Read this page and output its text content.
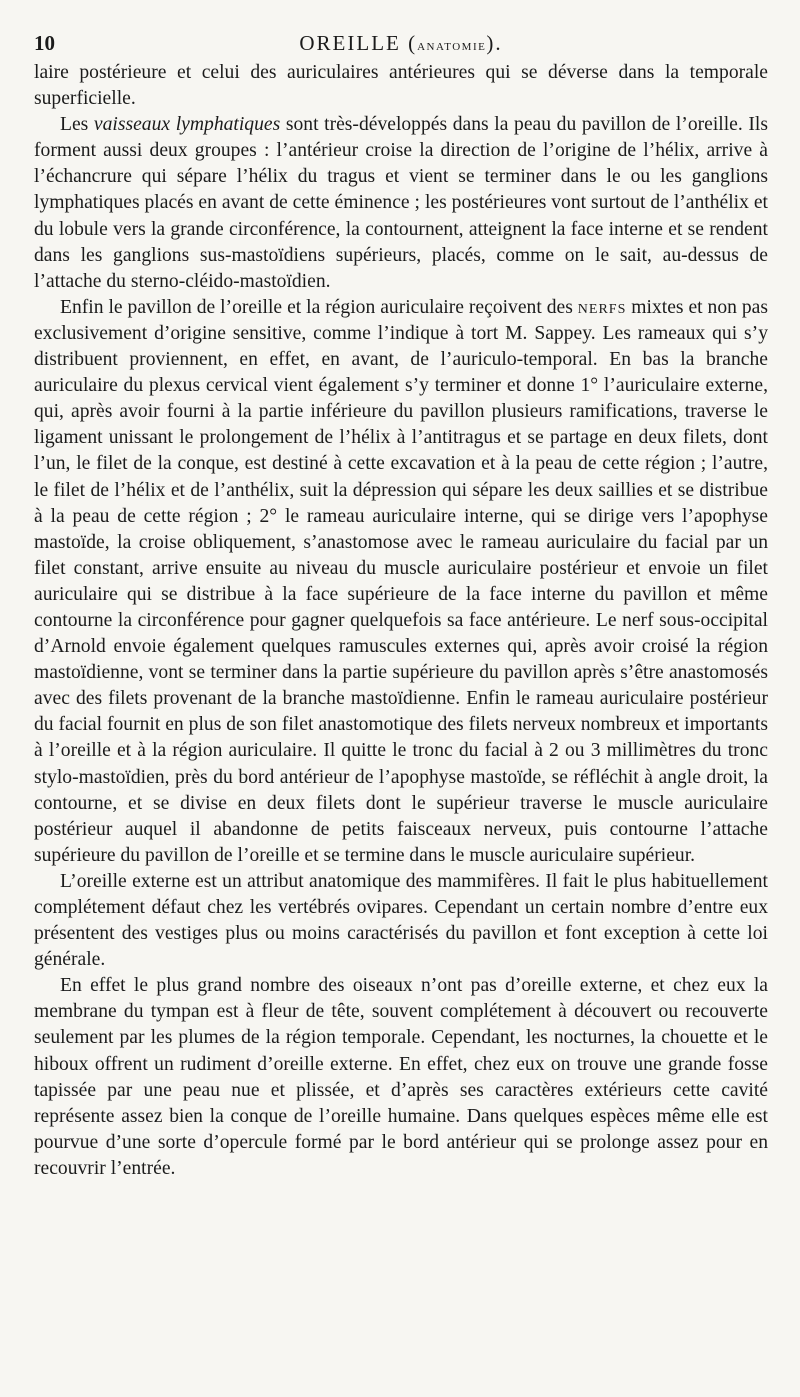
10	OREILLE (anatomie).

laire postérieure et celui des auriculaires antérieures qui se déverse dans la temporale superficielle.

Les vaisseaux lymphatiques sont très-développés dans la peau du pavillon de l’oreille. Ils forment aussi deux groupes : l’antérieur croise la direction de l’origine de l’hélix, arrive à l’échancrure qui sépare l’hélix du tragus et vient se terminer dans le ou les ganglions lymphatiques placés en avant de cette éminence ; les postérieures vont surtout de l’anthélix et du lobule vers la grande circonférence, la contournent, atteignent la face interne et se rendent dans les ganglions sus-mastoïdiens supérieurs, placés, comme on le sait, au-dessus de l’attache du sterno-cléido-mastoïdien.

Enfin le pavillon de l’oreille et la région auriculaire reçoivent des nerfs mixtes et non pas exclusivement d’origine sensitive, comme l’indique à tort M. Sappey. Les rameaux qui s’y distribuent proviennent, en effet, en avant, de l’auriculo-temporal. En bas la branche auriculaire du plexus cervical vient également s’y terminer et donne 1° l’auriculaire externe, qui, après avoir fourni à la partie inférieure du pavillon plusieurs ramifications, traverse le ligament unissant le prolongement de l’hélix à l’antitragus et se partage en deux filets, dont l’un, le filet de la conque, est destiné à cette excavation et à la peau de cette région ; l’autre, le filet de l’hélix et de l’anthélix, suit la dépression qui sépare les deux saillies et se distribue à la peau de cette région ; 2° le rameau auriculaire interne, qui se dirige vers l’apophyse mastoïde, la croise obliquement, s’anastomose avec le rameau auriculaire du facial par un filet constant, arrive ensuite au niveau du muscle auriculaire postérieur et envoie un filet auriculaire qui se distribue à la face supérieure de la face interne du pavillon et même contourne la circonférence pour gagner quelquefois sa face antérieure. Le nerf sous-occipital d’Arnold envoie également quelques ramuscules externes qui, après avoir croisé la région mastoïdienne, vont se terminer dans la partie supérieure du pavillon après s’être anastomosés avec des filets provenant de la branche mastoïdienne. Enfin le rameau auriculaire postérieur du facial fournit en plus de son filet anastomotique des filets nerveux nombreux et importants à l’oreille et à la région auriculaire. Il quitte le tronc du facial à 2 ou 3 millimètres du tronc stylo-mastoïdien, près du bord antérieur de l’apophyse mastoïde, se réfléchit à angle droit, la contourne, et se divise en deux filets dont le supérieur traverse le muscle auriculaire postérieur auquel il abandonne de petits faisceaux nerveux, puis contourne l’attache supérieure du pavillon de l’oreille et se termine dans le muscle auriculaire supérieur.

L’oreille externe est un attribut anatomique des mammifères. Il fait le plus habituellement complétement défaut chez les vertébrés ovipares. Cependant un certain nombre d’entre eux présentent des vestiges plus ou moins caractérisés du pavillon et font exception à cette loi générale.

En effet le plus grand nombre des oiseaux n’ont pas d’oreille externe, et chez eux la membrane du tympan est à fleur de tête, souvent complétement à découvert ou recouverte seulement par les plumes de la région temporale. Cependant, les nocturnes, la chouette et le hiboux offrent un rudiment d’oreille externe. En effet, chez eux on trouve une grande fosse tapissée par une peau nue et plissée, et d’après ses caractères extérieurs cette cavité représente assez bien la conque de l’oreille humaine. Dans quelques espèces même elle est pourvue d’une sorte d’opercule formé par le bord antérieur qui se prolonge assez pour en recouvrir l’entrée.
